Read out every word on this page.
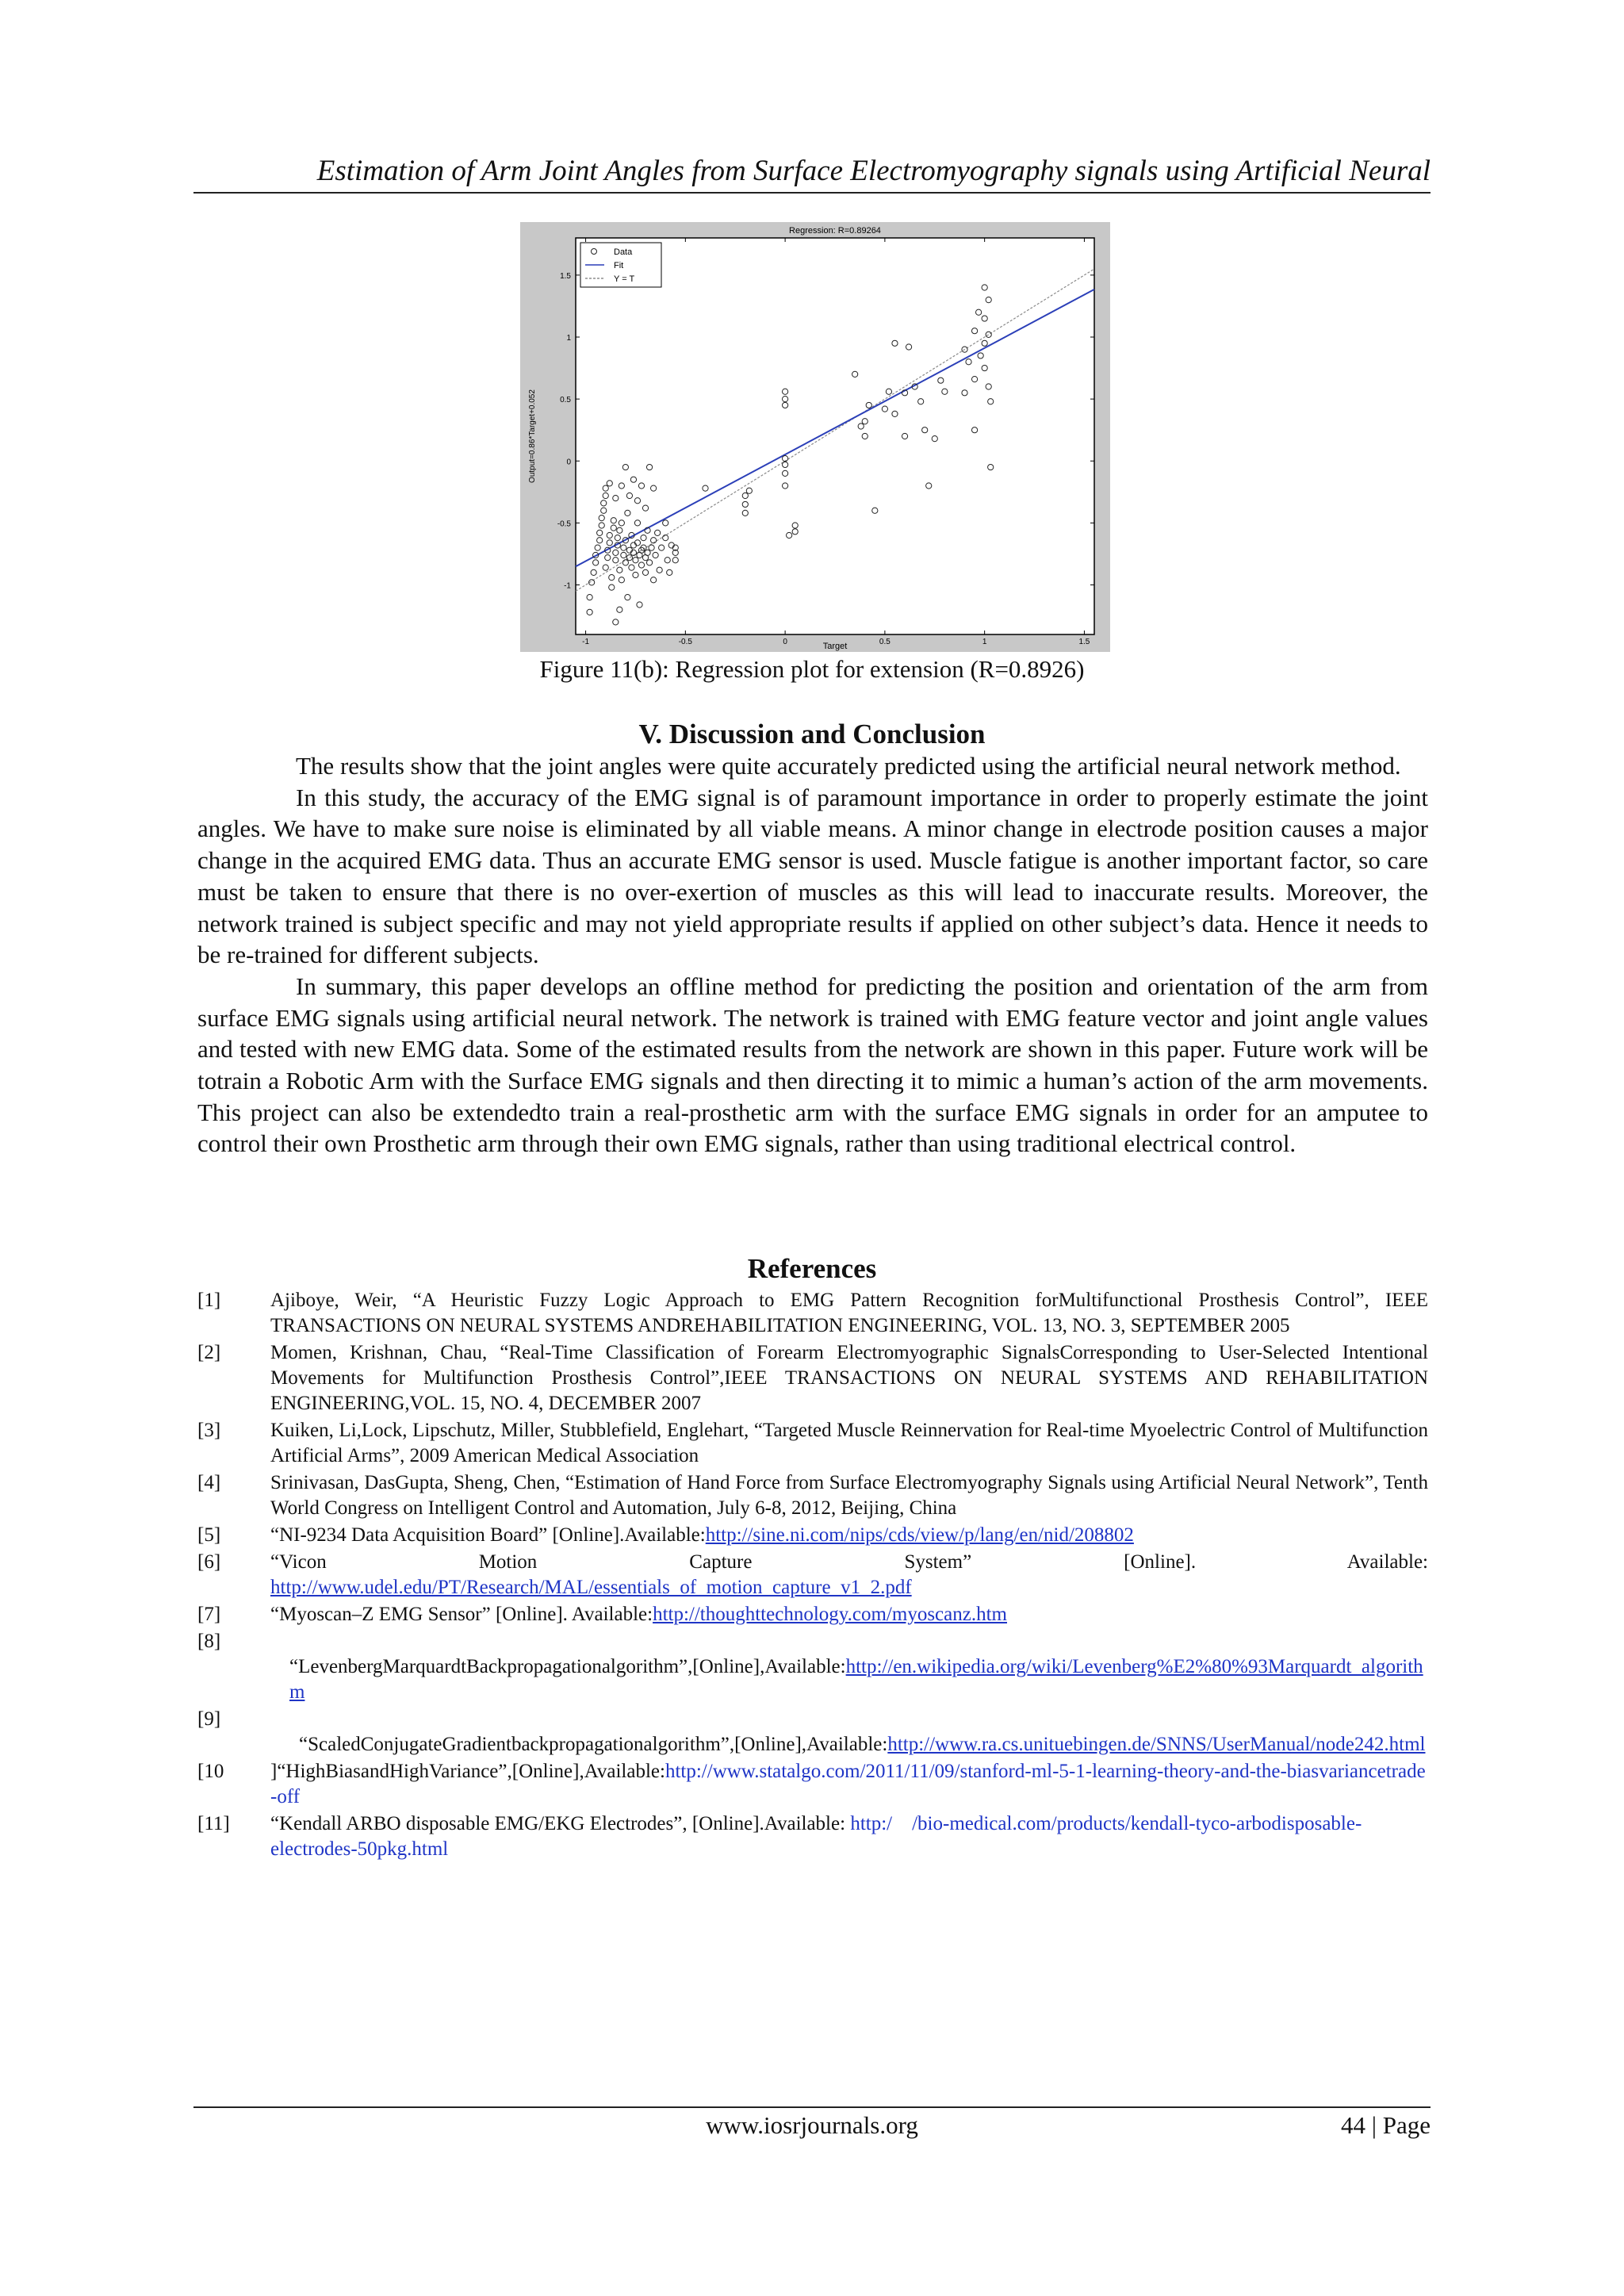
Estimation of Arm Joint Angles from Surface Electromyography signals using Artificial Neural
Regression: R=0.89264
Target
Output=0.86*Target+0.052
-1	-0.5	0	0.5	1	1.5
-1
-0.5
0
0.5
1
1.5
Data
Fit
Y = T
Figure 11(b): Regression plot for extension (R=0.8926)
V. Discussion and Conclusion

The results show that the joint angles were quite accurately predicted using the artificial neural network method.

In this study, the accuracy of the EMG signal is of paramount importance in order to properly estimate the joint angles. We have to make sure noise is eliminated by all viable means. A minor change in electrode position causes a major change in the acquired EMG data. Thus an accurate EMG sensor is used. Muscle fatigue is another important factor, so care must be taken to ensure that there is no over-exertion of muscles as this will lead to inaccurate results. Moreover, the network trained is subject specific and may not yield appropriate results if applied on other subject’s data. Hence it needs to be re-trained for different subjects.

In summary, this paper develops an offline method for predicting the position and orientation of the arm from surface EMG signals using artificial neural network. The network is trained with EMG feature vector and joint angle values and tested with new EMG data. Some of the estimated results from the network are shown in this paper. Future work will be totrain a Robotic Arm with the Surface EMG signals and then directing it to mimic a human’s action of the arm movements. This project can also be extendedto train a real-prosthetic arm with the surface EMG signals in order for an amputee to control their own Prosthetic arm through their own EMG signals, rather than using traditional electrical control.

References
[1]	Ajiboye, Weir, “A Heuristic Fuzzy Logic Approach to EMG Pattern Recognition forMultifunctional Prosthesis Control”, IEEE TRANSACTIONS ON NEURAL SYSTEMS ANDREHABILITATION ENGINEERING, VOL. 13, NO. 3, SEPTEMBER 2005
[2]	Momen, Krishnan, Chau, “Real-Time Classification of Forearm Electromyographic SignalsCorresponding to User-Selected Intentional Movements for Multifunction Prosthesis Control”,IEEE TRANSACTIONS ON NEURAL SYSTEMS AND REHABILITATION ENGINEERING,VOL. 15, NO. 4, DECEMBER 2007
[3]	Kuiken, Li,Lock, Lipschutz, Miller, Stubblefield, Englehart, “Targeted Muscle Reinnervation for Real-time Myoelectric Control of Multifunction Artificial Arms”, 2009 American Medical Association
[4]	Srinivasan, DasGupta, Sheng, Chen, “Estimation of Hand Force from Surface Electromyography Signals using Artificial Neural Network”, Tenth World Congress on Intelligent Control and Automation, July 6-8, 2012, Beijing, China
[5]	“NI-9234 Data Acquisition Board” [Online].Available:http://sine.ni.com/nips/cds/view/p/lang/en/nid/208802
[6]	“Vicon Motion Capture System” [Online]. Available:
http://www.udel.edu/PT/Research/MAL/essentials_of_motion_capture_v1_2.pdf
[7]	“Myoscan–Z EMG Sensor” [Online]. Available:http://thoughttechnology.com/myoscanz.htm
[8]
“LevenbergMarquardtBackpropagationalgorithm”,[Online],Available:http://en.wikipedia.org/wiki/Levenberg%E2%80%93Marquardt_algorithm
[9]
“ScaledConjugateGradientbackpropagationalgorithm”,[Online],Available:http://www.ra.cs.unituebingen.de/SNNS/UserManual/node242.html
[10	]“HighBiasandHighVariance”,[Online],Available:http://www.statalgo.com/2011/11/09/stanford-ml-5-1-learning-theory-and-the-biasvariancetrade-off
[11]	“Kendall ARBO disposable EMG/EKG Electrodes”, [Online].Available: http:/    /bio-medical.com/products/kendall-tyco-arbodisposable-electrodes-50pkg.html
www.iosrjournals.org	44 | Page
